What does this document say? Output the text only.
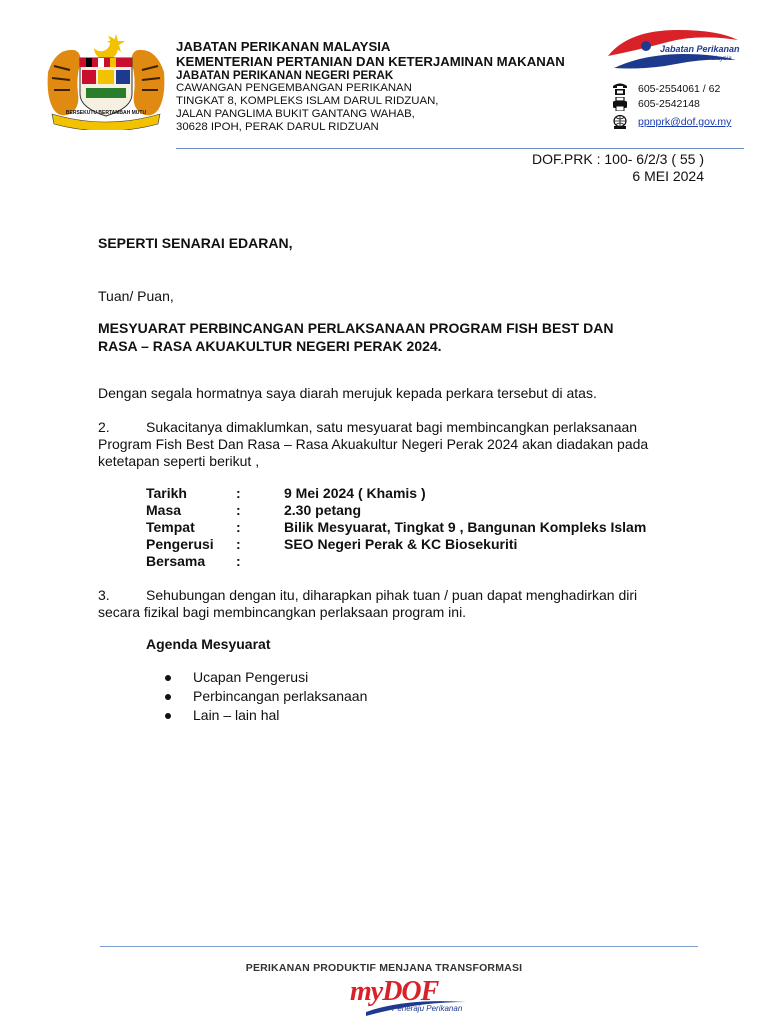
BERSEKUTU BERTAMBAH MUTU
JABATAN PERIKANAN MALAYSIA
KEMENTERIAN PERTANIAN DAN KETERJAMINAN MAKANAN
JABATAN PERIKANAN NEGERI PERAK
CAWANGAN PENGEMBANGAN PERIKANAN
TINGKAT 8, KOMPLEKS ISLAM DARUL RIDZUAN,
JALAN PANGLIMA BUKIT GANTANG WAHAB,
30628 IPOH, PERAK DARUL RIDZUAN
Jabatan Perikanan
Malaysia
605-2554061 / 62
605-2542148
ppnprk@dof.gov.my
DOF.PRK : 100- 6/2/3 ( 55 )
6 MEI 2024
SEPERTI SENARAI EDARAN,
Tuan/ Puan,
MESYUARAT PERBINCANGAN PERLAKSANAAN PROGRAM FISH BEST DAN
RASA – RASA AKUAKULTUR NEGERI PERAK 2024.
Dengan segala hormatnya saya diarah merujuk kepada perkara tersebut di atas.
2.	Sukacitanya dimaklumkan, satu mesyuarat bagi membincangkan perlaksanaan
Program Fish Best Dan Rasa – Rasa Akuakultur Negeri Perak 2024 akan diadakan pada
ketetapan seperti berikut ,
Tarikh	:	9 Mei 2024 ( Khamis )
Masa	:	2.30 petang
Tempat	:	Bilik Mesyuarat, Tingkat 9 , Bangunan Kompleks Islam
Pengerusi	:	SEO Negeri Perak & KC Biosekuriti
Bersama	:
3.	Sehubungan dengan itu, diharapkan pihak tuan / puan dapat menghadirkan diri
secara fizikal bagi membincangkan perlaksaan program ini.
Agenda Mesyuarat
Ucapan Pengerusi
Perbincangan perlaksanaan
Lain – lain hal
PERIKANAN PRODUKTIF MENJANA TRANSFORMASI
myDOF
Peneraju Perikanan
